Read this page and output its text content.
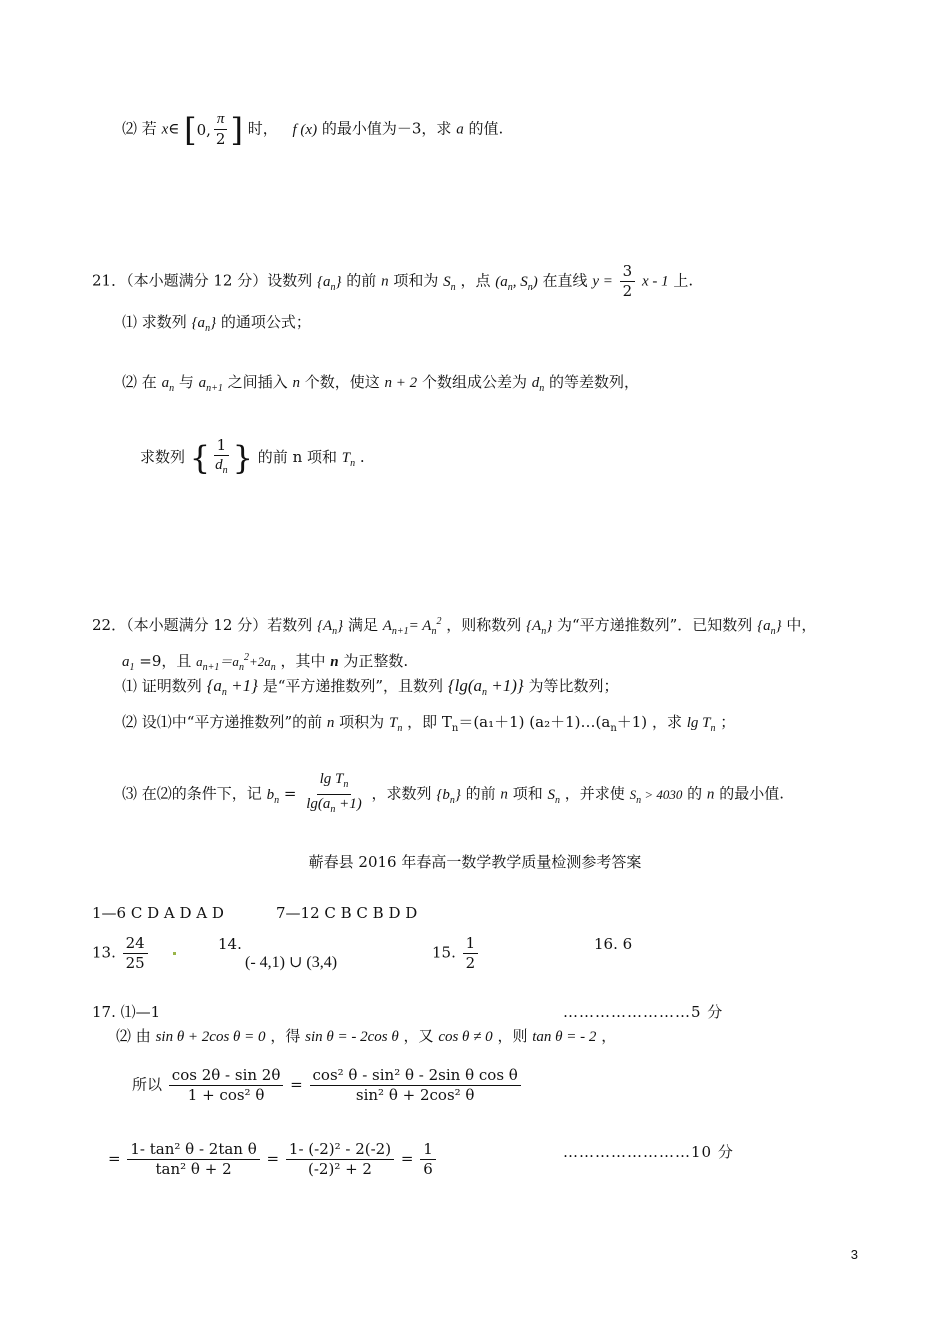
⑵ 若 x∈ [ 0, $\frac{\pi}{2}$ ] 时， f (x) 的最小值为－3，求 a 的值.
21．（本小题满分 12 分）设数列 $\{a_n\}$ 的前 n 项和为 $S_n$ ，点 ($a_n$, $S_n$) 在直线 $y = \frac{3}{2}$ x - 1 上.
⑴ 求数列 $\{a_n\}$ 的通项公式；
⑵ 在 $a_n$ 与 $a_{n+1}$ 之间插入 n 个数，使这 n + 2 个数组成公差为 $d_n$ 的等差数列，
求数列 { $\frac{1}{d_n}$ } 的前 n 项和 $T_n$ .
22．（本小题满分 12 分）若数列 $\{A_n\}$ 满足 $A_{n+1}= A_n^2$ ，则称数列 $\{A_n\}$ 为“平方递推数列”．已知数列 $\{a_n\}$ 中，
$a_1 =9$，且 $a_{n+1}=a_n^2+2a_n$ ，其中 n 为正整数.
⑴ 证明数列 $\{a_n +1\}$ 是“平方递推数列”，且数列 $\{\lg(a_n +1)\}$ 为等比数列；
⑵ 设⑴中“平方递推数列”的前 n 项积为 $T_n$ ，即 $T_n=(a_1+1)$ $(a_2+1)\dots(a_n+1)$ ，求 $\lg T_n$ ；
⑶ 在⑵的条件下，记 $b_n = \frac{\lg T_n}{\lg(a_n +1)}$ ，求数列 $\{b_n\}$ 的前 n 项和 $S_n$ ，并求使 $S_n > 4030$ 的 n 的最小值.
蕲春县 2016 年春高一数学教学质量检测参考答案
1—6 C D A D A D	7—12 C B C B D D
13. $\frac{24}{25}$
	14.
(- 4,1) ∪ (3,4)
15. $\frac{1}{2}$	16. 6
17. ⑴—1	……………………5 分
⑵ 由 sin θ + 2cos θ = 0 ，得 sin θ = - 2cos θ ，又 cos θ ≠ 0 ，则 tan θ = - 2 ，
所以 $\frac{\cos 2\theta - \sin 2\theta}{\text{1 + cos² θ}} = \frac{\text{cos² θ - sin² θ - 2sin θ cos θ}}{\text{sin² θ + 2cos² θ}}$
= $\frac{\text{1- tan² θ - 2tan θ}}{\text{tan² θ + 2}} = \frac{\text{1- (-2)² - 2(-2)}}{\text{(-2)² + 2}} = \frac{1}{6}$	……………………10 分
3
